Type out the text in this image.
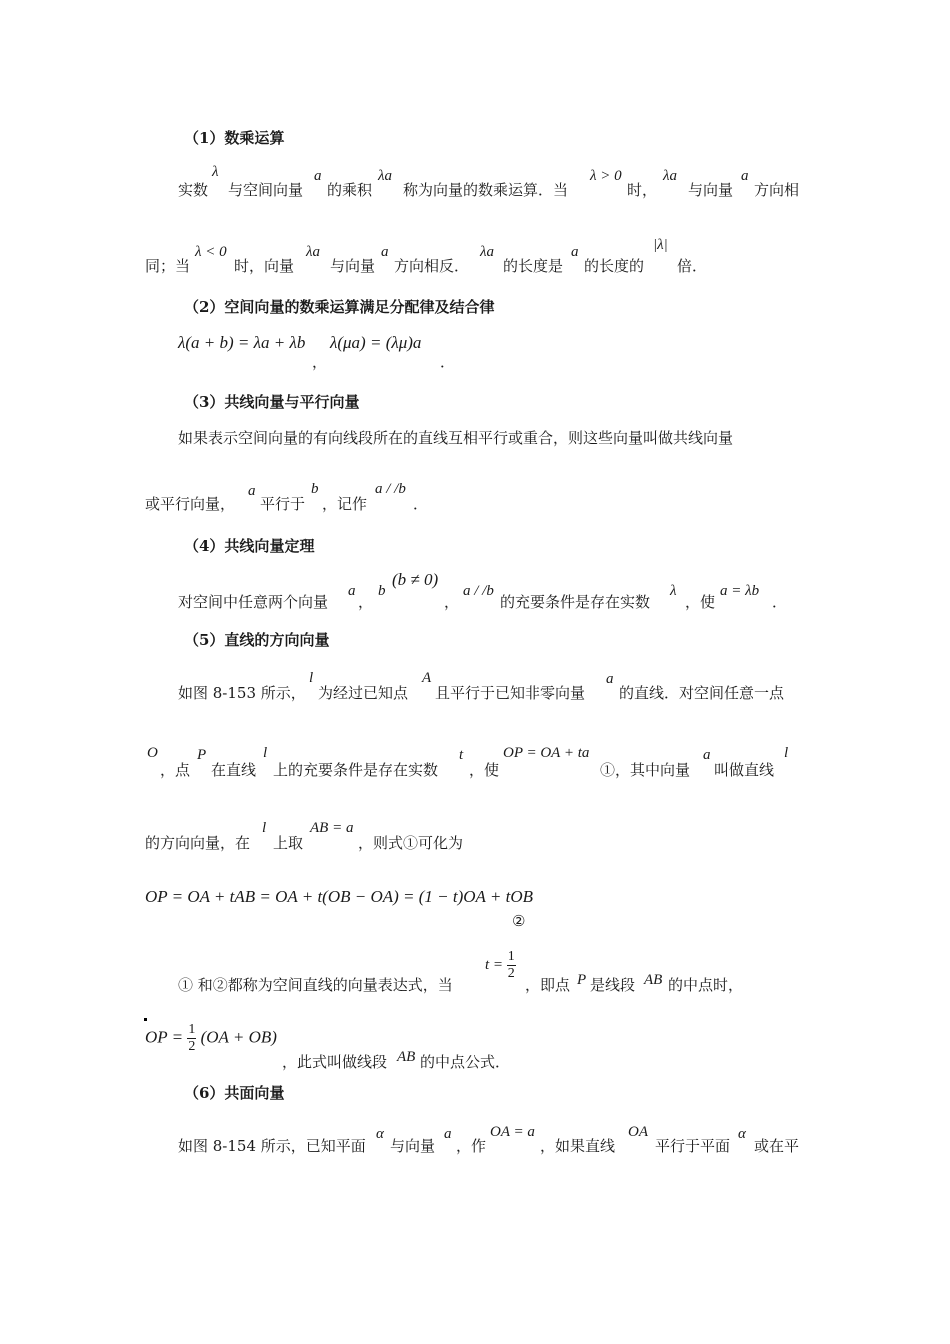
（1）数乘运算
实数
λ
与空间向量
a
的乘积
λa
称为向量的数乘运算．当
λ > 0
时，
λa
与向量
a
方向相
同；当
λ < 0
时，向量
λa
与向量
a
方向相反．
λa
的长度是
a
的长度的
|λ|
倍．
（2）空间向量的数乘运算满足分配律及结合律
λ(a + b) = λa + λb
，
λ(μa) = (λμ)a
．
（3）共线向量与平行向量
如果表示空间向量的有向线段所在的直线互相平行或重合，则这些向量叫做共线向量
或平行向量，
a
平行于
b
，记作
a / /b
．
（4）共线向量定理
对空间中任意两个向量
a
，
b
(b ≠ 0)
，
a / /b
的充要条件是存在实数
λ
，使
a = λb
．
（5）直线的方向向量
如图 8-153 所示，
l
为经过已知点
A
且平行于已知非零向量
a
的直线．对空间任意一点
O
，点
P
在直线
l
上的充要条件是存在实数
t
，使
OP = OA + ta
①，其中向量
a
叫做直线
l
的方向向量，在
l
上取
AB = a
，则式①可化为
OP = OA + tAB = OA + t(OB − OA) = (1 − t)OA + tOB
②
① 和②都称为空间直线的向量表达式，当
$t = \frac{1}{2}$
，即点 P 是线段 AB 的中点时，
OP = $\frac{1}{2} (OA + OB)$
，此式叫做线段 AB 的中点公式．
（6）共面向量
如图 8-154 所示，已知平面
α
与向量
a
，作
OA = a
，如果直线
OA
平行于平面
α
或在平
